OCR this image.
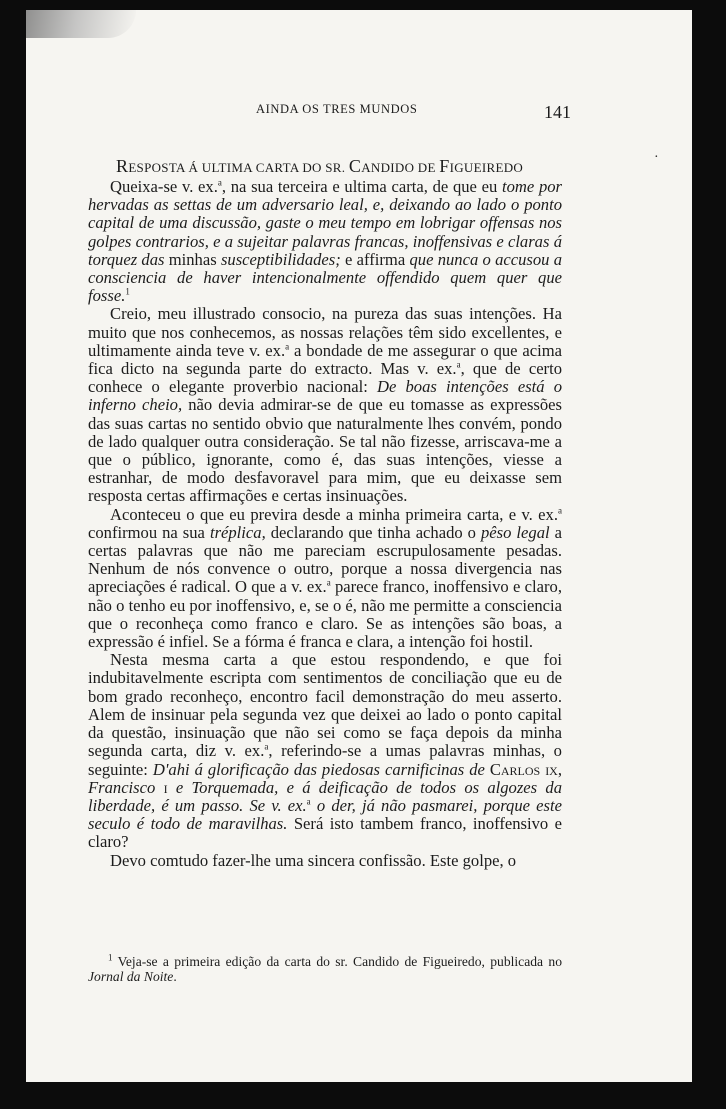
AINDA OS TRES MUNDOS	141
·
RESPOSTA Á ULTIMA CARTA DO SR. CANDIDO DE FIGUEIREDO

Queixa-se v. ex.$^a$, na sua terceira e ultima carta, de que eu tome por hervadas as settas de um adversario leal, e, deixando ao lado o ponto capital de uma discussão, gaste o meu tempo em lobrigar offensas nos golpes contrarios, e a sujeitar palavras francas, inoffensivas e claras á torquez das minhas susceptibilidades; e affirma que nunca o accusou a consciencia de haver intencionalmente offendido quem quer que fosse.$^1$

Creio, meu illustrado consocio, na pureza das suas intenções. Ha muito que nos conhecemos, as nossas relações têm sido excellentes, e ultimamente ainda teve v. ex.$^a$ a bondade de me assegurar o que acima fica dicto na segunda parte do extracto. Mas v. ex.$^a$, que de certo conhece o elegante proverbio nacional: De boas intenções está o inferno cheio, não devia admirar-se de que eu tomasse as expressões das suas cartas no sentido obvio que naturalmente lhes convém, pondo de lado qualquer outra consideração. Se tal não fizesse, arriscava-me a que o público, ignorante, como é, das suas intenções, viesse a estranhar, de modo desfavoravel para mim, que eu deixasse sem resposta certas affirmações e certas insinuações.

Aconteceu o que eu previra desde a minha primeira carta, e v. ex.$^a$ confirmou na sua tréplica, declarando que tinha achado o pêso legal a certas palavras que não me pareciam escrupulosamente pesadas. Nenhum de nós convence o outro, porque a nossa divergencia nas apreciações é radical. O que a v. ex.$^a$ parece franco, inoffensivo e claro, não o tenho eu por inoffensivo, e, se o é, não me permitte a consciencia que o reconheça como franco e claro. Se as intenções são boas, a expressão é infiel. Se a fórma é franca e clara, a intenção foi hostil.

Nesta mesma carta a que estou respondendo, e que foi indubitavelmente escripta com sentimentos de conciliação que eu de bom grado reconheço, encontro facil demonstração do meu asserto. Alem de insinuar pela segunda vez que deixei ao lado o ponto capital da questão, insinuação que não sei como se faça depois da minha segunda carta, diz v. ex.$^a$, referindo-se a umas palavras minhas, o seguinte: D'ahi á glorificação das piedosas carnificinas de Carlos ix, Francisco i e Torquemada, e á deificação de todos os algozes da liberdade, é um passo. Se v. ex.$^a$ o der, já não pasmarei, porque este seculo é todo de maravilhas. Será isto tambem franco, inoffensivo e claro?

Devo comtudo fazer-lhe uma sincera confissão. Este golpe, o

$^1$ Veja-se a primeira edição da carta do sr. Candido de Figueiredo, publicada no Jornal da Noite.
